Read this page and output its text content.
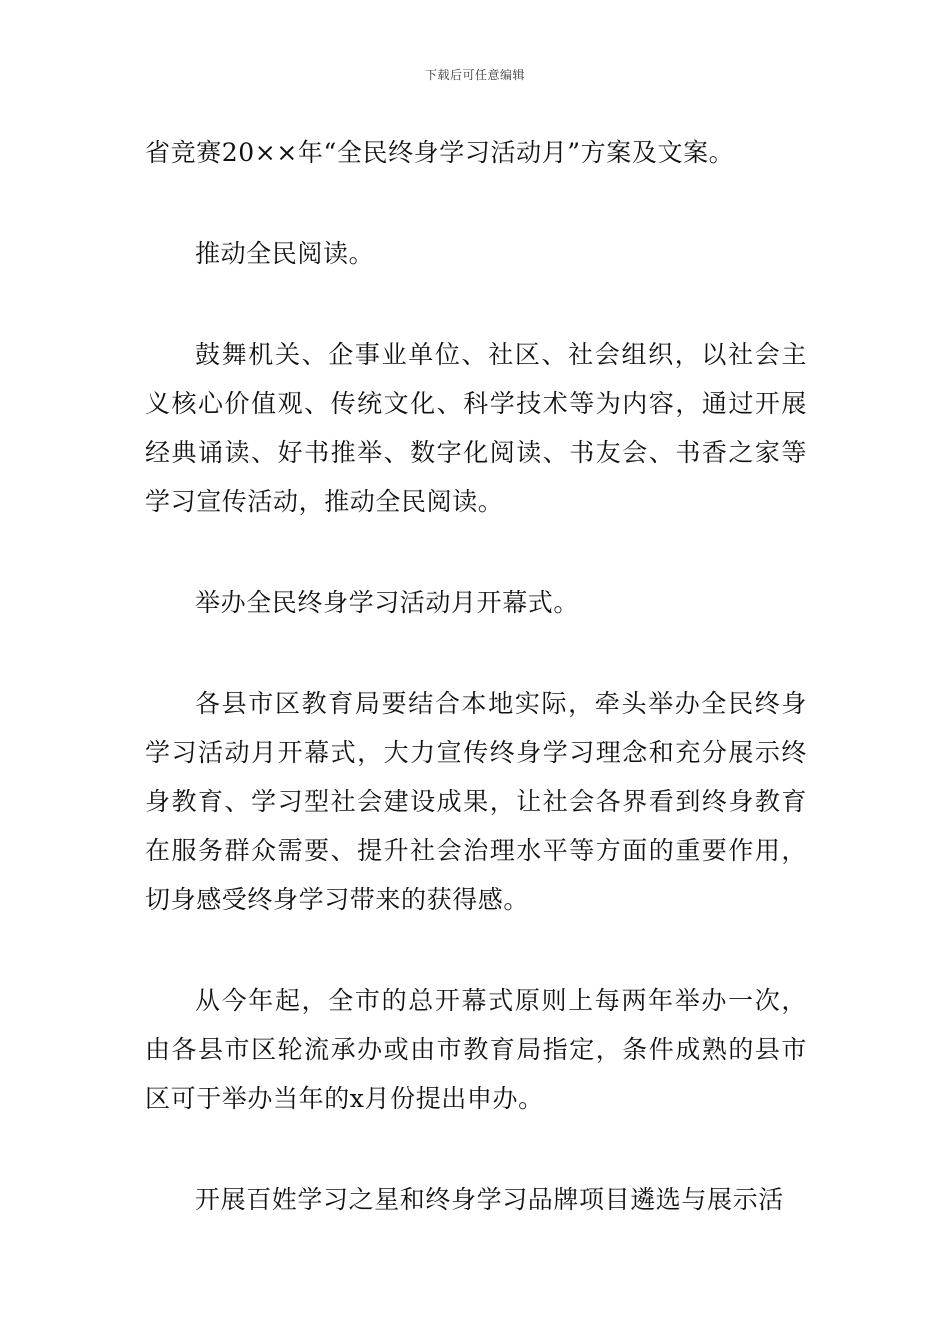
下载后可任意编辑

省竞赛20××年“全民终身学习活动月”方案及文案。

推动全民阅读。

鼓舞机关、企事业单位、社区、社会组织，以社会主义核心价值观、传统文化、科学技术等为内容，通过开展经典诵读、好书推举、数字化阅读、书友会、书香之家等学习宣传活动，推动全民阅读。

举办全民终身学习活动月开幕式。

各县市区教育局要结合本地实际，牵头举办全民终身学习活动月开幕式，大力宣传终身学习理念和充分展示终身教育、学习型社会建设成果，让社会各界看到终身教育在服务群众需要、提升社会治理水平等方面的重要作用，切身感受终身学习带来的获得感。

从今年起，全市的总开幕式原则上每两年举办一次，由各县市区轮流承办或由市教育局指定，条件成熟的县市区可于举办当年的x月份提出申办。

开展百姓学习之星和终身学习品牌项目遴选与展示活
